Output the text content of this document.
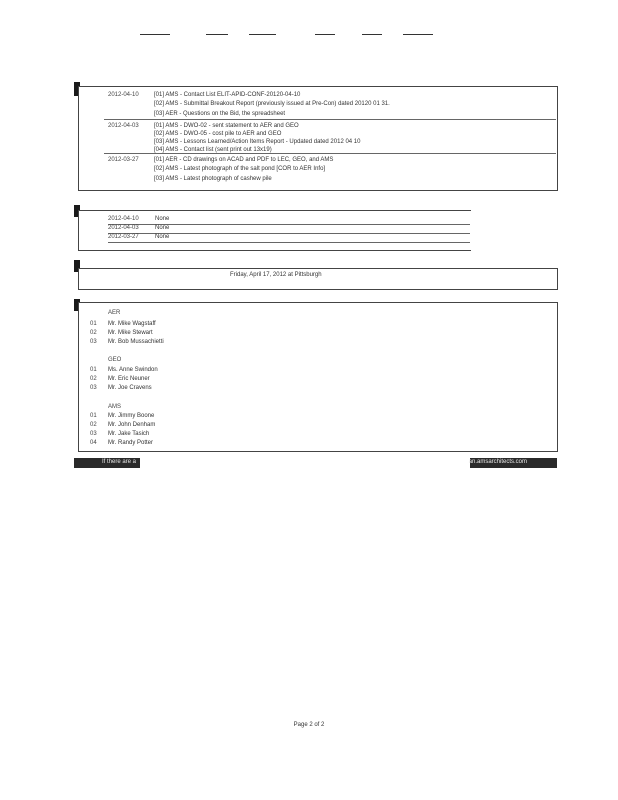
2012-04-10	[01] AMS - Contact List ELIT-APID-CONF-20120-04-10
[02] AMS - Submittal Breakout Report (previously issued at Pre-Con) dated 20120 01 31.
[03] AER - Questions on the Bid, the spreadsheet
2012-04-03	[01] AMS - DWO-02 - sent statement to AER and GEO
[02] AMS - DWO-05 - cost pile to AER and GEO
[03] AMS - Lessons Learned/Action Items Report - Updated dated 2012 04 10
[04] AMS - Contact list (sent print out 13x19)
2012-03-27	[01] AER - CD drawings on ACAD and PDF to LEC, GEO, and AMS
[02] AMS - Latest photograph of the salt pond [COR to AER Info]
[03] AMS - Latest photograph of cashew pile
2012-04-10	None
2012-04-03	None
2012-03-27	None
Friday, April 17, 2012 at Pittsburgh
AER
01 Mr. Mike Wagstaff
02 Mr. Mike Stewart
03 Mr. Bob Mussachietti
GEO
01 Ms. Anne Swindon
02 Mr. Eric Neuner
03 Mr. Joe Cravens
AMS
01 Mr. Jimmy Boone
02 Mr. John Denham
03 Mr. Jake Tasich
04 Mr. Randy Potter
If there are a	an.amsarchitects.com
Page 2 of 2
